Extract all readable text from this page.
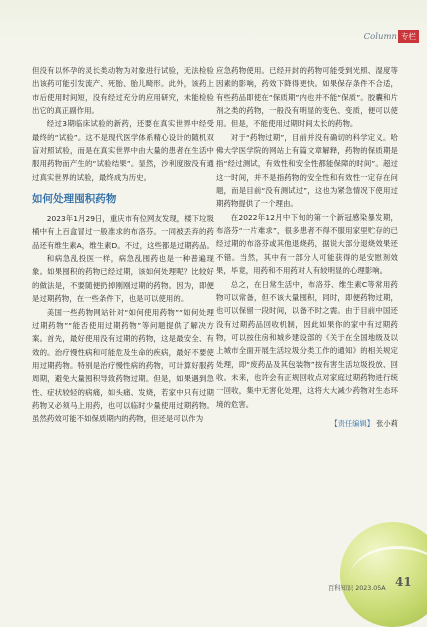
Column 专栏

但没有以怀孕的灵长类动物为对象进行试验，无法检验出该药可能引发流产、死胎、胎儿畸形。此外，该药上市后使用时间短，没有经过充分的应用研究，未能检验出它的真正副作用。

经过3期临床试验的新药，还要在真实世界中经受最终的“试验”。这不是现代医学体系精心设计的随机双盲对照试验，而是在真实世界中由大量的患者在生活中服用药物而产生的“试验结果”。显然，沙利度胺没有通过真实世界的试验，最终成为历史。

如何处理囤积药物

2023年1月29日，重庆市有位网友发现，楼下垃圾桶中有上百盒冒过一般准求的布洛芬。一同被丢弃的药品还有维生素A，维生素D。不过，这些都是过期药品。

和病急乱投医一样，病急乱囤药也是一种普遍现象。如果囤积的药物已经过期，该如何处理呢？比较好的做法是，不要随便扔掉刚刚过期的药物。因为，即便是过期药物，在一些条件下，也是可以使用的。

美国一些药物网站针对“如何使用药物”“如何处理过期药物”“能否使用过期药物”等问题提供了解决方案。首先，最好使用没有过期的药物，这是最安全、有效的。治疗慢性病和可能危及生命的疾病，最好不要使用过期药物。特别是治疗慢性病的药物，可计算好服药周期，避免大量囤积导致药物过期。但是，如果遇到急性、症状较轻的病痛，如头痛、发烧，若家中只有过期药物又必须马上用药，也可以临时少量使用过期药物。虽然药效可能不如保质期内的药物，但还是可以作为

应急药物使用。已经开封的药物可能受到光照、湿度等因素的影响，药效下降得更快。如果保存条件不合适，有些药品即使在“保质期”内也并不能“保质”。胶囊和片剂之类的药物，一般没有明显的变色、变质，便可以使用。但是，不能使用过期时间太长的药物。

对于“药物过期”，目前并没有确切的科学定义。哈佛大学医学院的网站上有篇文章解释，药物的保质期是指“经过测试，有效性和安全性都能保障的时间”。超过这一时间，并不是指药物的安全性和有效性一定存在问题，而是目前“没有测试过”，这也为紧急情况下使用过期药物提供了一个理由。

在2022年12月中下旬的第一个新冠感染暴发期，布洛芬“一片难求”，很多患者不得不服用家里贮存的已经过期的布洛芬或其他退烧药，据说大部分退烧效果还不错。当然，其中有一部分人可能获得的是安慰剂效果，毕竟，用药和不用药对人有较明显的心理影响。

总之，在日常生活中，布洛芬、维生素C等常用药物可以常备，但不该大量囤积，同时，即便药物过期，也可以保留一段时间，以备不时之需。由于目前中国还没有过期药品回收机制，因此如果你的家中有过期药物，可以按住房和城乡建设部的《关于在全国地级及以上城市全面开展生活垃圾分类工作的通知》的相关规定处理，即“废药品及其包装物”按有害生活垃圾投放、回收。未来，也许会有正规回收点对家庭过期药物进行统一回收，集中无害化处理，这将大大减少药物对生态环境的危害。

【责任编辑】 张小莉
百科知识 2023.05A 41
